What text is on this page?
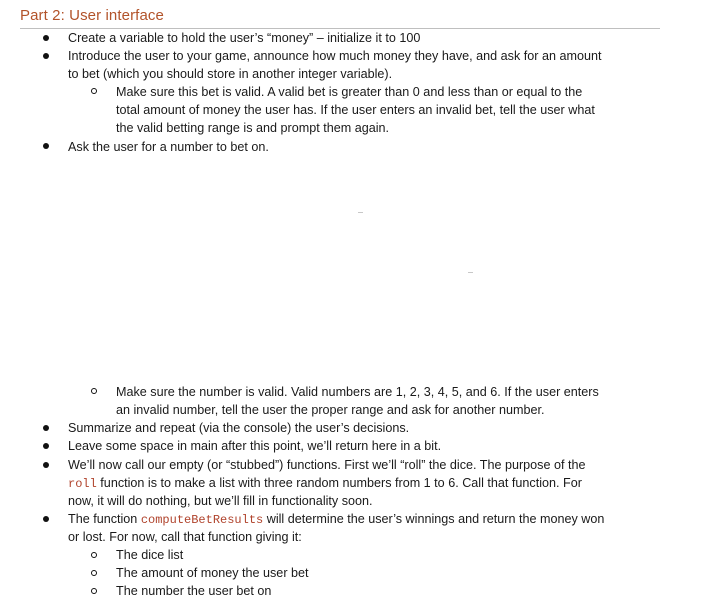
Part 2: User interface
Create a variable to hold the user’s “money” – initialize it to 100
Introduce the user to your game, announce how much money they have, and ask for an amount
to bet (which you should store in another integer variable).
Make sure this bet is valid. A valid bet is greater than 0 and less than or equal to the
total amount of money the user has. If the user enters an invalid bet, tell the user what
the valid betting range is and prompt them again.
Ask the user for a number to bet on.
Make sure the number is valid. Valid numbers are 1, 2, 3, 4, 5, and 6. If the user enters
an invalid number, tell the user the proper range and ask for another number.
Summarize and repeat (via the console) the user’s decisions.
Leave some space in main after this point, we’ll return here in a bit.
We’ll now call our empty (or “stubbed”) functions. First we’ll “roll” the dice. The purpose of the
roll function is to make a list with three random numbers from 1 to 6. Call that function. For
now, it will do nothing, but we’ll fill in functionality soon.
The function computeBetResults will determine the user’s winnings and return the money won
or lost. For now, call that function giving it:
The dice list
The amount of money the user bet
The number the user bet on
